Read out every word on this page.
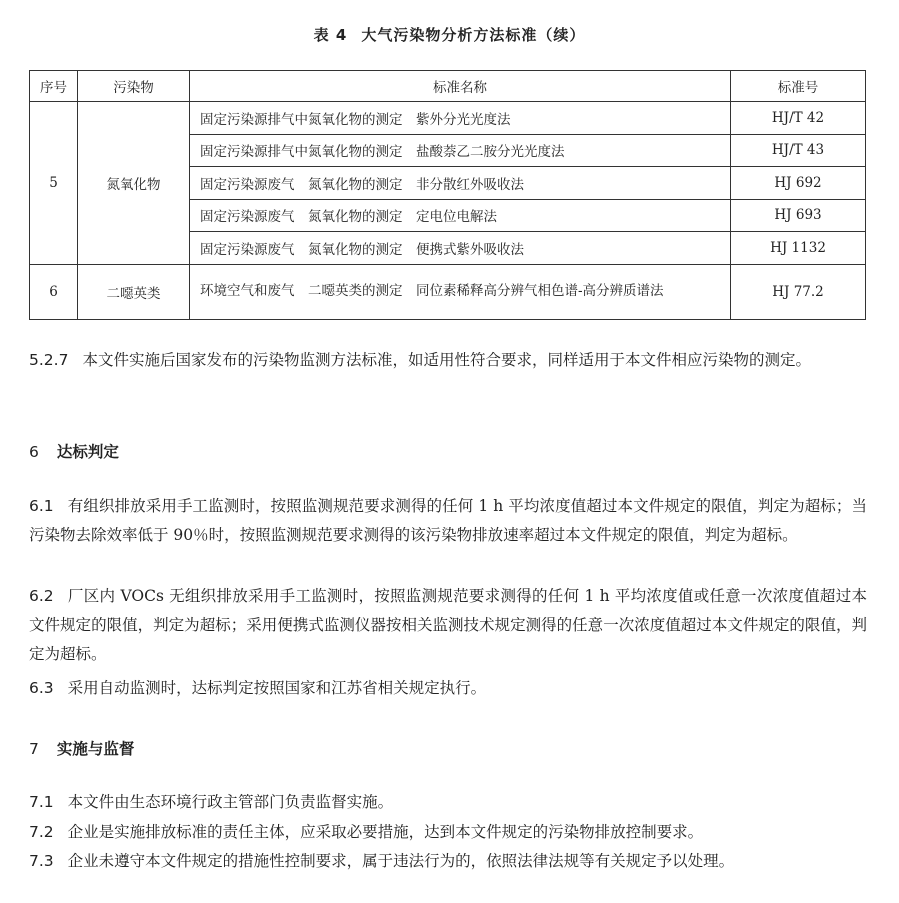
表 4 大气污染物分析方法标准（续）
序号	污染物	标准名称	标准号
5	氮氧化物	固定污染源排气中氮氧化物的测定　紫外分光光度法	HJ/T 42
		固定污染源排气中氮氧化物的测定　盐酸萘乙二胺分光光度法	HJ/T 43
		固定污染源废气　氮氧化物的测定　非分散红外吸收法	HJ 692
		固定污染源废气　氮氧化物的测定　定电位电解法	HJ 693
		固定污染源废气　氮氧化物的测定　便携式紫外吸收法	HJ 1132
6	二噁英类	环境空气和废气　二噁英类的测定　同位素稀释高分辨气相色谱-高分辨质谱法	HJ 77.2
5.2.7 本文件实施后国家发布的污染物监测方法标准，如适用性符合要求，同样适用于本文件相应污染物的测定。
6 达标判定
6.1 有组织排放采用手工监测时，按照监测规范要求测得的任何 1 h 平均浓度值超过本文件规定的限值，判定为超标；当污染物去除效率低于 90％时，按照监测规范要求测得的该污染物排放速率超过本文件规定的限值，判定为超标。
6.2 厂区内 VOCs 无组织排放采用手工监测时，按照监测规范要求测得的任何 1 h 平均浓度值或任意一次浓度值超过本文件规定的限值，判定为超标；采用便携式监测仪器按相关监测技术规定测得的任意一次浓度值超过本文件规定的限值，判定为超标。
6.3 采用自动监测时，达标判定按照国家和江苏省相关规定执行。
7 实施与监督
7.1 本文件由生态环境行政主管部门负责监督实施。
7.2 企业是实施排放标准的责任主体，应采取必要措施，达到本文件规定的污染物排放控制要求。
7.3 企业未遵守本文件规定的措施性控制要求，属于违法行为的，依照法律法规等有关规定予以处理。
